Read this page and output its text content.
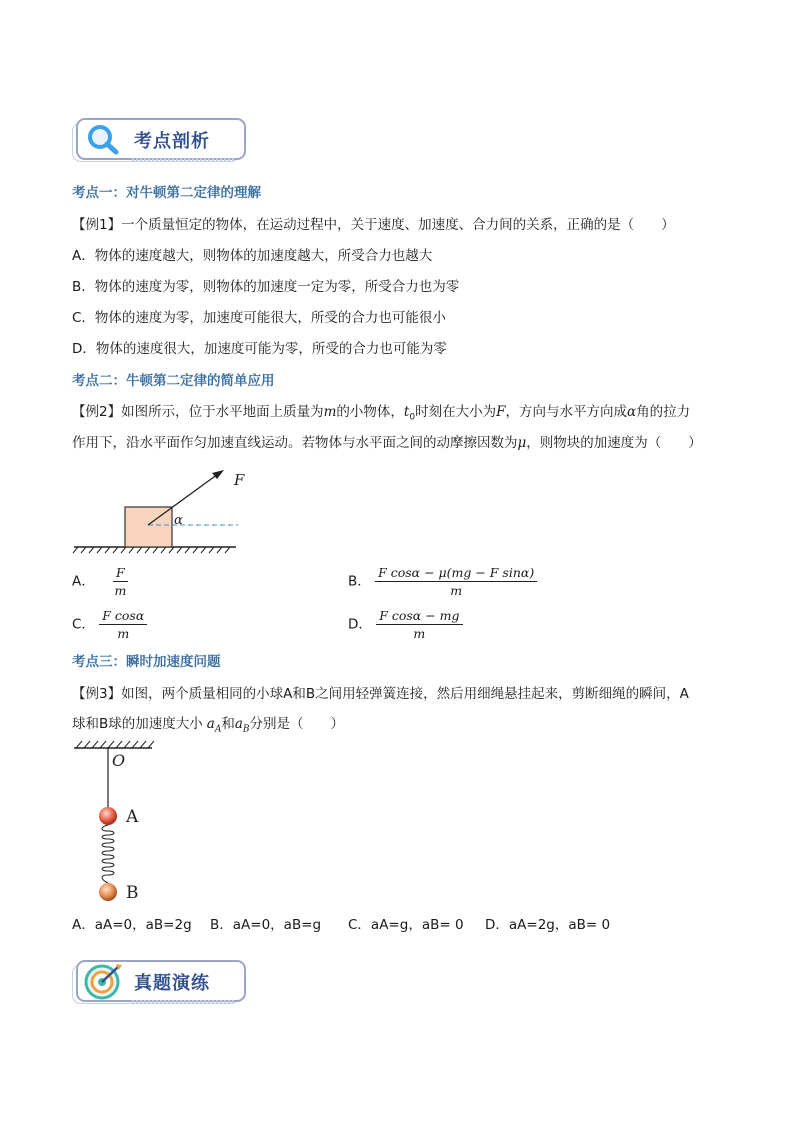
考点剖析
考点一：对牛顿第二定律的理解
【例1】一个质量恒定的物体，在运动过程中，关于速度、加速度、合力间的关系，正确的是（　　）
A．物体的速度越大，则物体的加速度越大，所受合力也越大
B．物体的速度为零，则物体的加速度一定为零，所受合力也为零
C．物体的速度为零，加速度可能很大，所受的合力也可能很小
D．物体的速度很大，加速度可能为零，所受的合力也可能为零
考点二：牛顿第二定律的简单应用
【例2】如图所示，位于水平地面上质量为m的小物体，$t_0$时刻在大小为F，方向与水平方向成α角的拉力
作用下，沿水平面作匀加速直线运动。若物体与水平面之间的动摩擦因数为μ，则物块的加速度为（　　）
F
α
A． $\frac{F}{m}$	B． $\frac{\text{F cosα − μ(mg − F sinα)}}{m}$
C． $\frac{\text{F cosα}}{m}$	D． $\frac{\text{F cosα − mg}}{m}$
考点三：瞬时加速度问题
【例3】如图，两个质量相同的小球A和B之间用轻弹簧连接，然后用细绳悬挂起来，剪断细绳的瞬间，A
球和B球的加速度大小 $a_A$和$a_B$分别是（　　）
O
A
B
A．aA=0，aB=2g B．aA=0，aB=g C．aA=g，aB= 0 D．aA=2g，aB= 0
真题演练
